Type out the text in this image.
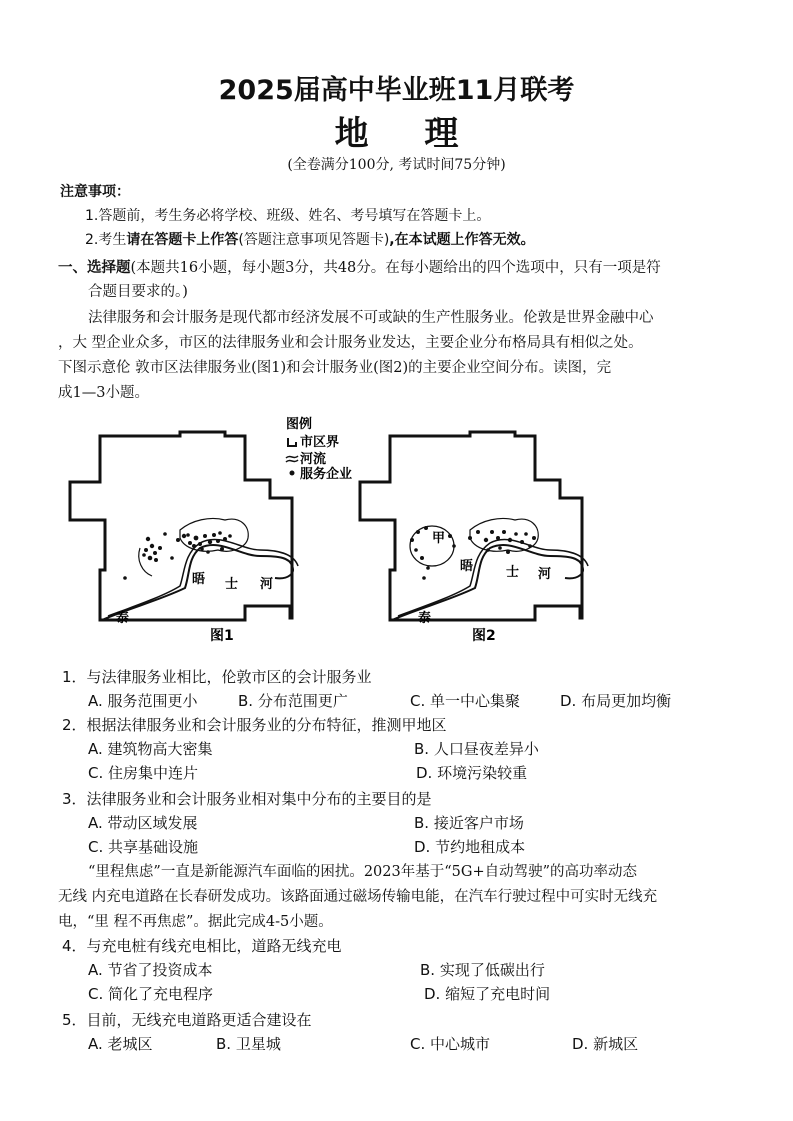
2025届高中毕业班11月联考
地 理
(全卷满分100分, 考试时间75分钟)
注意事项：
1.答题前，考生务必将学校、班级、姓名、考号填写在答题卡上。
2.考生请在答题卡上作答(答题注意事项见答题卡),在本试题上作答无效。
一、选择题(本题共16小题，每小题3分，共48分。在每小题给出的四个选项中，只有一项是符
合题目要求的。)
法律服务和会计服务是现代都市经济发展不可或缺的生产性服务业。伦敦是世界金融中心
，大 型企业众多，市区的法律服务业和会计服务业发达，主要企业分布格局具有相似之处。
下图示意伦 敦市区法律服务业(图1)和会计服务业(图2)的主要企业空间分布。读图，完
成1—3小题。
晤 士 河
泰
图1
图例
市区界
河流
服务企业
甲
晤	士 河
泰
图2
1．与法律服务业相比，伦敦市区的会计服务业
A. 服务范围更小	B. 分布范围更广	C. 单一中心集聚	D. 布局更加均衡
2．根据法律服务业和会计服务业的分布特征，推测甲地区
A. 建筑物高大密集	B. 人口昼夜差异小
C. 住房集中连片	D. 环境污染较重
3．法律服务业和会计服务业相对集中分布的主要目的是
A. 带动区域发展	B. 接近客户市场
C. 共享基础设施	D. 节约地租成本
“里程焦虑”一直是新能源汽车面临的困扰。2023年基于“5G+自动驾驶”的高功率动态
无线 内充电道路在长春研发成功。该路面通过磁场传输电能，在汽车行驶过程中可实时无线充
电，“里 程不再焦虑”。据此完成4-5小题。
4．与充电桩有线充电相比，道路无线充电
A. 节省了投资成本	B. 实现了低碳出行
C. 简化了充电程序	D. 缩短了充电时间
5．目前，无线充电道路更适合建设在
A. 老城区	B. 卫星城	C. 中心城市	D. 新城区
